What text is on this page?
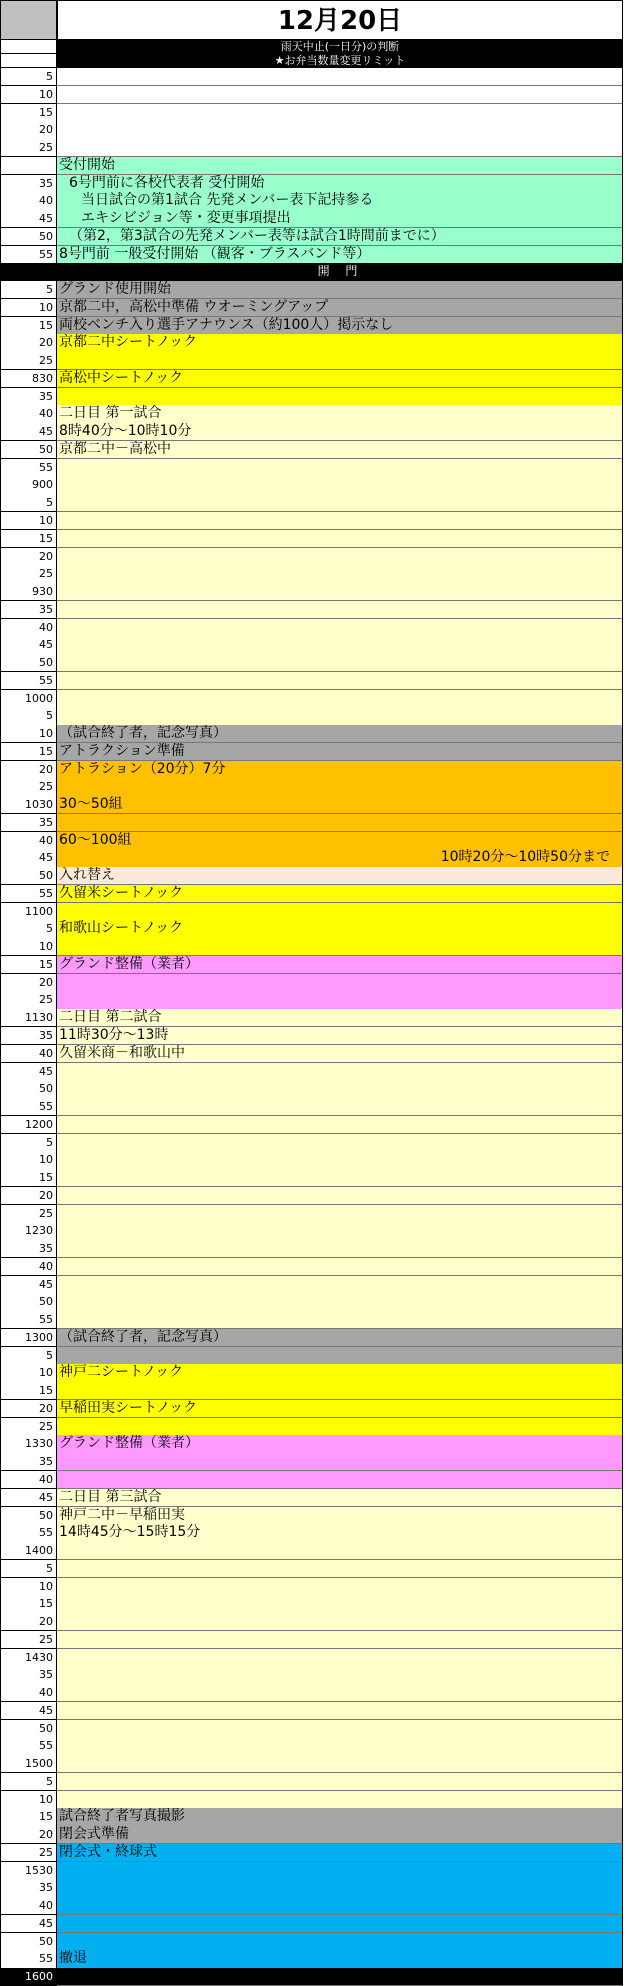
12月20日
雨天中止(一日分)の判断
★お弁当数量変更リミット
5
10
15
20
25
受付開始
35	6号門前に各校代表者 受付開始
40	当日試合の第1試合 先発メンバー表下記持参る
45	エキシビジョン等・変更事項提出
50	（第2，第3試合の先発メンバー表等は試合1時間前までに）
55 8号門前 一般受付開始 （観客・ブラスバンド等）
開 門
5 グランド使用開始
10 京都二中，高松中準備 ウオーミングアップ
15 両校ベンチ入り選手アナウンス（約100人）掲示なし
20 京都二中シートノック
25
830 高松中シートノック
35
40 二日目 第一試合
45 8時40分～10時10分
50 京都二中－高松中
55
900
5
10
15
20
25
930
35
40
45
50
55
1000
5
10 （試合終了者，記念写真）
15 アトラクション準備
20 アトラション（20分）7分
25
1030 30～50組
35
40 60～100組
45	10時20分～10時50分まで
50 入れ替え
55 久留米シートノック
1100
5 和歌山シートノック
10
15 グランド整備（業者）
20
25
1130 二日目 第二試合
35 11時30分～13時
40 久留米商－和歌山中
45
50
55
1200
5
10
15
20
25
1230
35
40
45
50
55
1300 （試合終了者，記念写真）
5
10 神戸二シートノック
15
20 早稲田実シートノック
25
1330 グランド整備（業者）
35
40
45 二日目 第三試合
50 神戸二中－早稲田実
55 14時45分～15時15分
1400
5
10
15
20
25
1430
35
40
45
50
55
1500
5
10
15 試合終了者写真撮影
20 閉会式準備
25 閉会式・終球式
1530
35
40
45
50
55 撤退
1600
